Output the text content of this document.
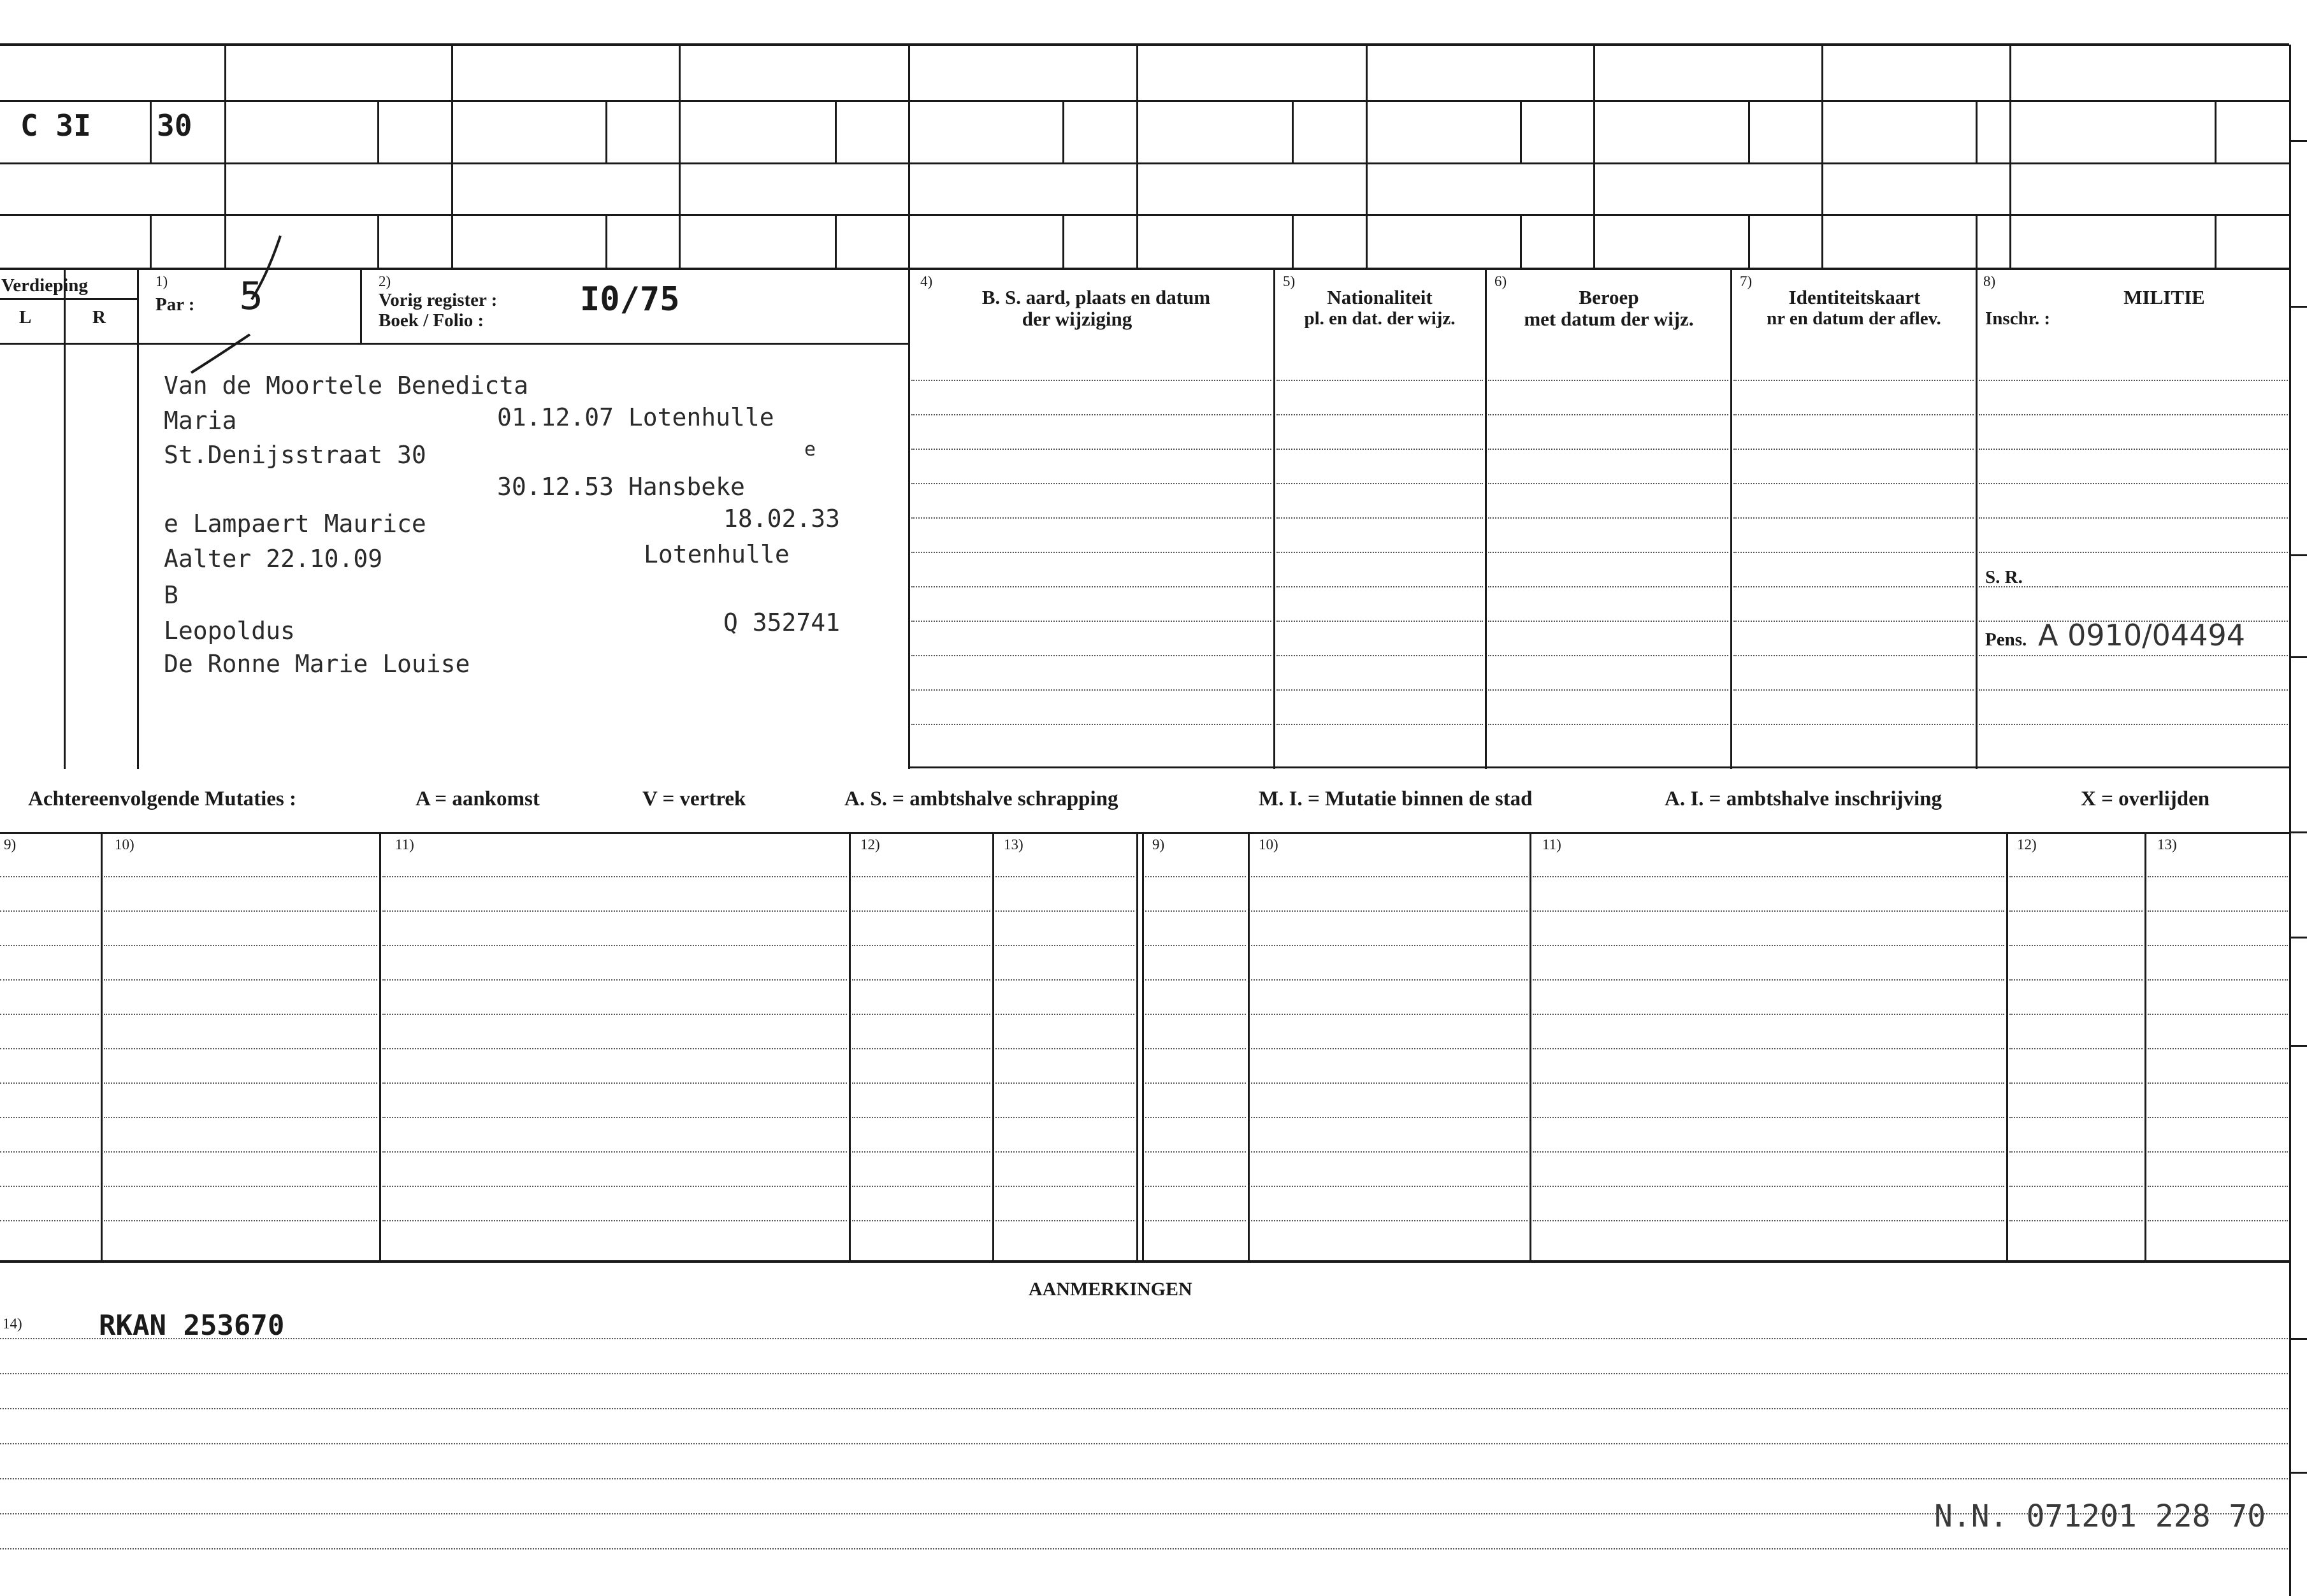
C 3I 30
Verdieping
L	R
1)
Par : 5	2)
Vorig register :
Boek / Folio :
I0/75	4)
B. S. aard, plaats en datum
der wijziging
5)
Nationaliteit
pl. en dat. der wijz.
6)
Beroep
met datum der wijz.
7)
Identiteitskaart
nr en datum der aflev.
8)
MILITIE
Inschr. :
Van de Moortele Benedicta
Maria	01.12.07 Lotenhulle
St.Denijsstraat 30	e
30.12.53 Hansbeke
e Lampaert Maurice	18.02.33
Aalter 22.10.09	Lotenhulle
B
Leopoldus	Q 352741
De Ronne Marie Louise
S. R.
Pens. A 0910/04494
Achtereenvolgende Mutaties :	A = aankomst	V = vertrek	A. S. = ambtshalve schrapping	M. I. = Mutatie binnen de stad	A. I. = ambtshalve inschrijving	X = overlijden
9)	10)	11)	12)	13)	9)	10)	11)	12)	13)
AANMERKINGEN
14)	RKAN 253670
N.N. 071201 228 70
